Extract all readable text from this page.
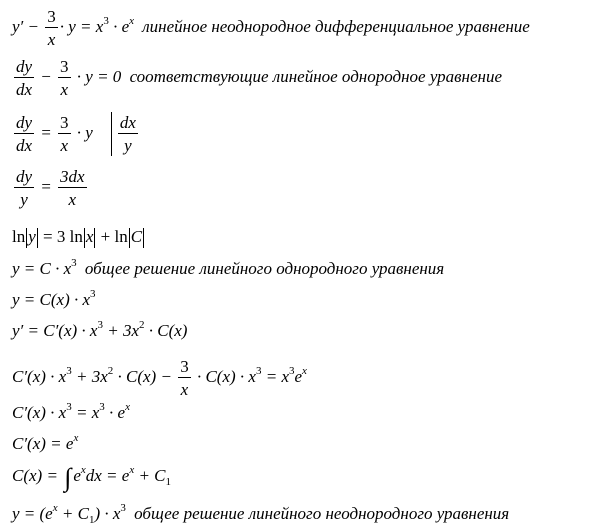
$y' - \frac{3}{x} \cdot y = x^3 \cdot e^x$ линейное неоднородное дифференциальное уравнение
$\frac{dy}{dx} - \frac{3}{x} \cdot y = 0$ соответствующие линейное однородное уравнение
$\frac{dy}{dx} = \frac{3}{x} \cdot y \frac{dx}{y}$
$\frac{dy}{y} = \frac{3dx}{x}$
ln y = 3 ln x + ln C
$y = C \cdot x^3$ общее решение линейного однородного уравнения
$y = C(x) \cdot x^3$
$y' = C'(x) \cdot x^3 + 3x^2 \cdot C(x)$
$C'(x) \cdot x^3 + 3x^2 \cdot C(x) - \frac{3}{x} \cdot C(x) \cdot x^3 = x^3e^x$
$C'(x) \cdot x^3 = x^3 \cdot e^x$
$C'(x) = e^x$
C(x) = ∫ $e^xdx = e^x + C_1$
$y = (e^x + C_1) \cdot x^3$ общее решение линейного неоднородного уравнения
